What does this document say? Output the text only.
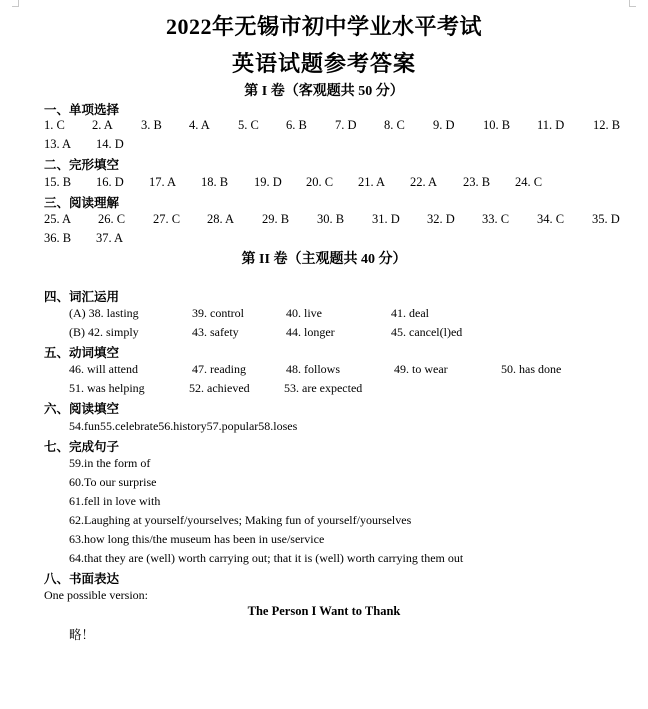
2022年无锡市初中学业水平考试
英语试题参考答案
第 I 卷（客观题共 50 分）
一、单项选择
1. C 2. A 3. B 4. A 5. C 6. B 7. D 8. C 9. D 10. B 11. D 12. B
13. A 14. D
二、完形填空
15. B 16. D 17. A 18. B 19. D 20. C 21. A 22. A 23. B 24. C
三、阅读理解
25. A 26. C 27. C 28. A 29. B 30. B 31. D 32. D 33. C 34. C 35. D
36. B 37. A
第 II 卷（主观题共 40 分）
四、词汇运用
(A) 38. lasting	39. control	40. live	41. deal
(B) 42. simply	43. safety	44. longer	45. cancel(l)ed
五、动词填空
46. will attend	47. reading	48. follows	49. to wear	50. has done
51. was helping	52. achieved	53. are expected
六、阅读填空
54.fun55.celebrate56.history57.popular58.loses
七、完成句子
59.in the form of
60.To our surprise
61.fell in love with
62.Laughing at yourself/yourselves; Making fun of yourself/yourselves
63.how long this/the museum has been in use/service
64.that they are (well) worth carrying out; that it is (well) worth carrying them out
八、书面表达
One possible version:
The Person I Want to Thank
略！
